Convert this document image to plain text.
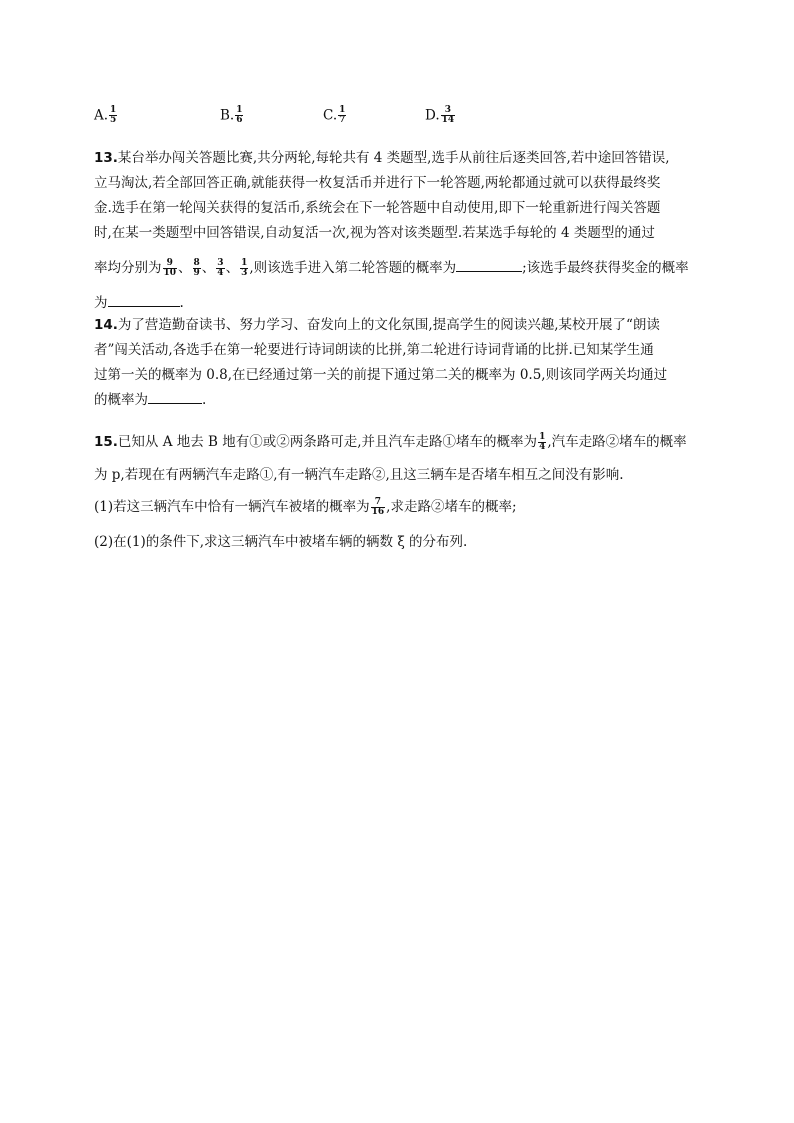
A. $\frac{1}{5}$	B. $\frac{1}{6}$	C. $\frac{1}{7}$	D. $\frac{3}{14}$
13.某台举办闯关答题比赛,共分两轮,每轮共有 4 类题型,选手从前往后逐类回答,若中途回答错误,
立马淘汰,若全部回答正确,就能获得一枚复活币并进行下一轮答题,两轮都通过就可以获得最终奖
金.选手在第一轮闯关获得的复活币,系统会在下一轮答题中自动使用,即下一轮重新进行闯关答题
时,在某一类题型中回答错误,自动复活一次,视为答对该类题型.若某选手每轮的 4 类题型的通过
率均分别为 $\frac{9}{10}$ 、 $\frac{8}{9}$ 、 $\frac{3}{4}$ 、 $\frac{1}{3}$ ,则该选手进入第二轮答题的概率为	;该选手最终获得奖金的概率
为	.
14.为了营造勤奋读书、努力学习、奋发向上的文化氛围,提高学生的阅读兴趣,某校开展了“朗读
者”闯关活动,各选手在第一轮要进行诗词朗读的比拼,第二轮进行诗词背诵的比拼.已知某学生通
过第一关的概率为 0.8,在已经通过第一关的前提下通过第二关的概率为 0.5,则该同学两关均通过
的概率为	.
15.已知从 A 地去 B 地有①或②两条路可走,并且汽车走路①堵车的概率为 $\frac{1}{4}$ ,汽车走路②堵车的概率
为 p,若现在有两辆汽车走路①,有一辆汽车走路②,且这三辆车是否堵车相互之间没有影响.
(1)若这三辆汽车中恰有一辆汽车被堵的概率为 $\frac{7}{16}$ ,求走路②堵车的概率;
(2)在(1)的条件下,求这三辆汽车中被堵车辆的辆数 ξ 的分布列.
